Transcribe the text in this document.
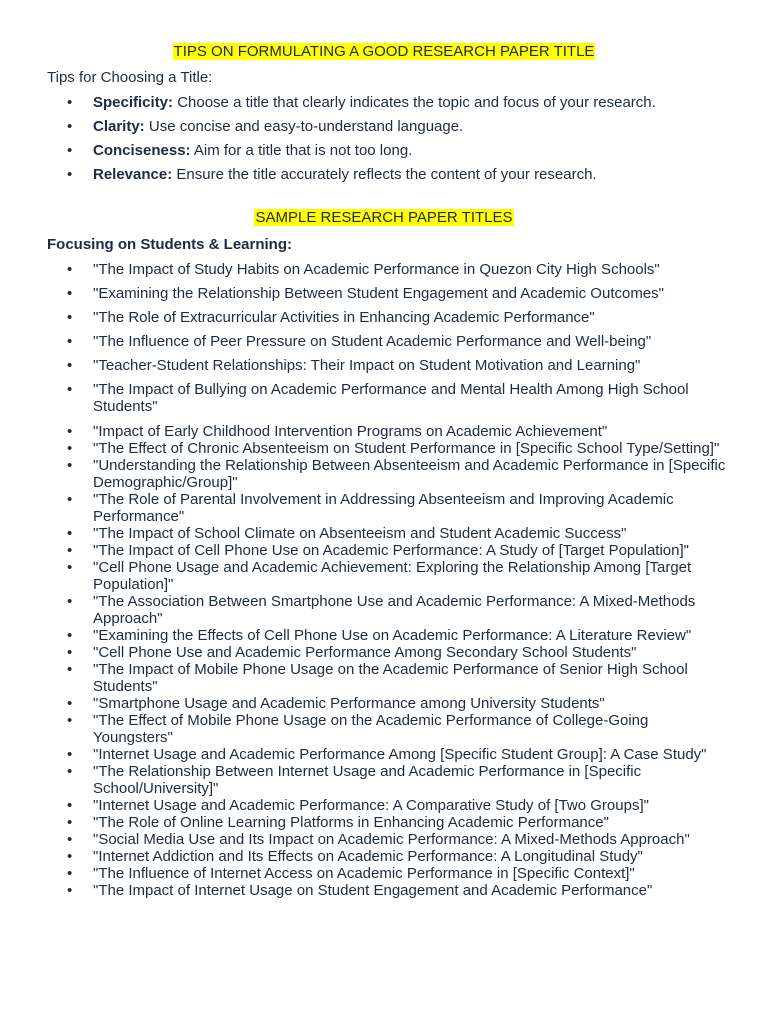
TIPS ON FORMULATING A GOOD RESEARCH PAPER TITLE

Tips for Choosing a Title:

• Specificity: Choose a title that clearly indicates the topic and focus of your research.
• Clarity: Use concise and easy-to-understand language.
• Conciseness: Aim for a title that is not too long.
• Relevance: Ensure the title accurately reflects the content of your research.

SAMPLE RESEARCH PAPER TITLES

Focusing on Students & Learning:

• "The Impact of Study Habits on Academic Performance in Quezon City High Schools"
• "Examining the Relationship Between Student Engagement and Academic Outcomes"
• "The Role of Extracurricular Activities in Enhancing Academic Performance"
• "The Influence of Peer Pressure on Student Academic Performance and Well-being"
• "Teacher-Student Relationships: Their Impact on Student Motivation and Learning"
• "The Impact of Bullying on Academic Performance and Mental Health Among High School Students"
• "Impact of Early Childhood Intervention Programs on Academic Achievement"
• "The Effect of Chronic Absenteeism on Student Performance in [Specific School Type/Setting]"
• "Understanding the Relationship Between Absenteeism and Academic Performance in [Specific Demographic/Group]"
• "The Role of Parental Involvement in Addressing Absenteeism and Improving Academic Performance"
• "The Impact of School Climate on Absenteeism and Student Academic Success"
• "The Impact of Cell Phone Use on Academic Performance: A Study of [Target Population]"
• "Cell Phone Usage and Academic Achievement: Exploring the Relationship Among [Target Population]"
• "The Association Between Smartphone Use and Academic Performance: A Mixed-Methods Approach"
• "Examining the Effects of Cell Phone Use on Academic Performance: A Literature Review"
• "Cell Phone Use and Academic Performance Among Secondary School Students"
• "The Impact of Mobile Phone Usage on the Academic Performance of Senior High School Students"
• "Smartphone Usage and Academic Performance among University Students"
• "The Effect of Mobile Phone Usage on the Academic Performance of College-Going Youngsters"
• "Internet Usage and Academic Performance Among [Specific Student Group]: A Case Study"
• "The Relationship Between Internet Usage and Academic Performance in [Specific School/University]"
• "Internet Usage and Academic Performance: A Comparative Study of [Two Groups]"
• "The Role of Online Learning Platforms in Enhancing Academic Performance"
• "Social Media Use and Its Impact on Academic Performance: A Mixed-Methods Approach"
• "Internet Addiction and Its Effects on Academic Performance: A Longitudinal Study"
• "The Influence of Internet Access on Academic Performance in [Specific Context]"
• "The Impact of Internet Usage on Student Engagement and Academic Performance"
